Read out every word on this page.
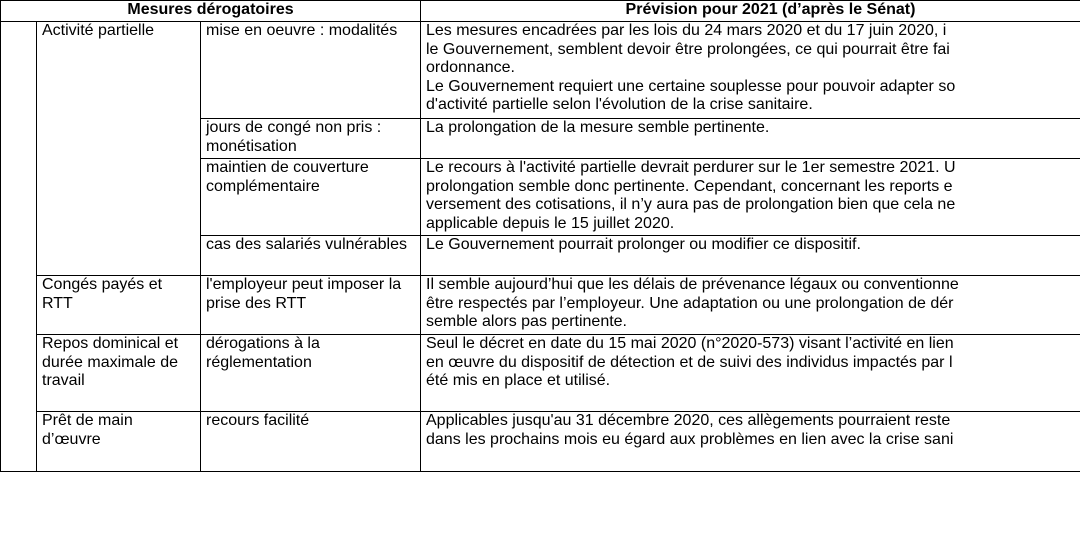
Mesures dérogatoires			Prévision pour 2021 (d’après le Sénat)
	Activité partielle	mise en oeuvre : modalités	Les mesures encadrées par les lois du 24 mars 2020 et du 17 juin 2020, i
le Gouvernement, semblent devoir être prolongées, ce qui pourrait être fai
ordonnance.
Le Gouvernement requiert une certaine souplesse pour pouvoir adapter so
d'activité partielle selon l'évolution de la crise sanitaire.

		jours de congé non pris : monétisation	La prolongation de la mesure semble pertinente.

		maintien de couverture complémentaire	Le recours à l'activité partielle devrait perdurer sur le 1er semestre 2021. U
prolongation semble donc pertinente. Cependant, concernant les reports e
versement des cotisations, il n’y aura pas de prolongation bien que cela ne
applicable depuis le 15 juillet 2020.

		cas des salariés vulnérables	Le Gouvernement pourrait prolonger ou modifier ce dispositif.

	Congés payés et RTT	l'employeur peut imposer la prise des RTT	Il semble aujourd’hui que les délais de prévenance légaux ou conventionne
être respectés par l’employeur. Une adaptation ou une prolongation de dér
semble alors pas pertinente.

	Repos dominical et durée maximale de travail	dérogations à la réglementation	Seul le décret en date du 15 mai 2020 (n°2020-573) visant l’activité en lien
en œuvre du dispositif de détection et de suivi des individus impactés par l
été mis en place et utilisé.

	Prêt de main d’œuvre	recours facilité	Applicables jusqu'au 31 décembre 2020, ces allègements pourraient reste
dans les prochains mois eu égard aux problèmes en lien avec la crise sani
